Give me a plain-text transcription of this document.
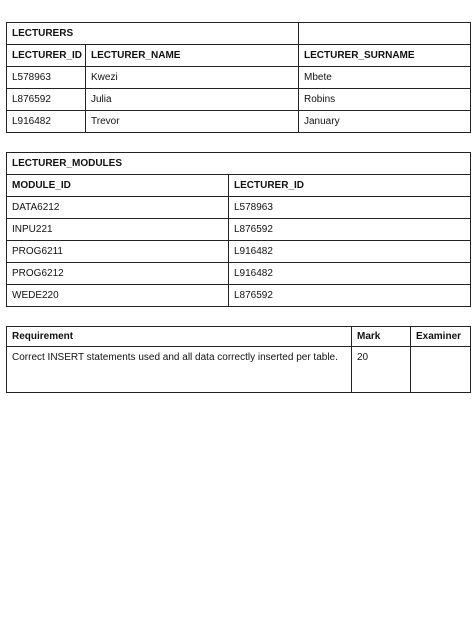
LECTURERS		
LECTURER_ID	LECTURER_NAME	LECTURER_SURNAME
L578963	Kwezi	Mbete
L876592	Julia	Robins
L916482	Trevor	January
LECTURER_MODULES	
MODULE_ID	LECTURER_ID
DATA6212	L578963
INPU221	L876592
PROG6211	L916482
PROG6212	L916482
WEDE220	L876592
Requirement	Mark	Examiner
Correct INSERT statements used and all data correctly inserted per table.	20	
